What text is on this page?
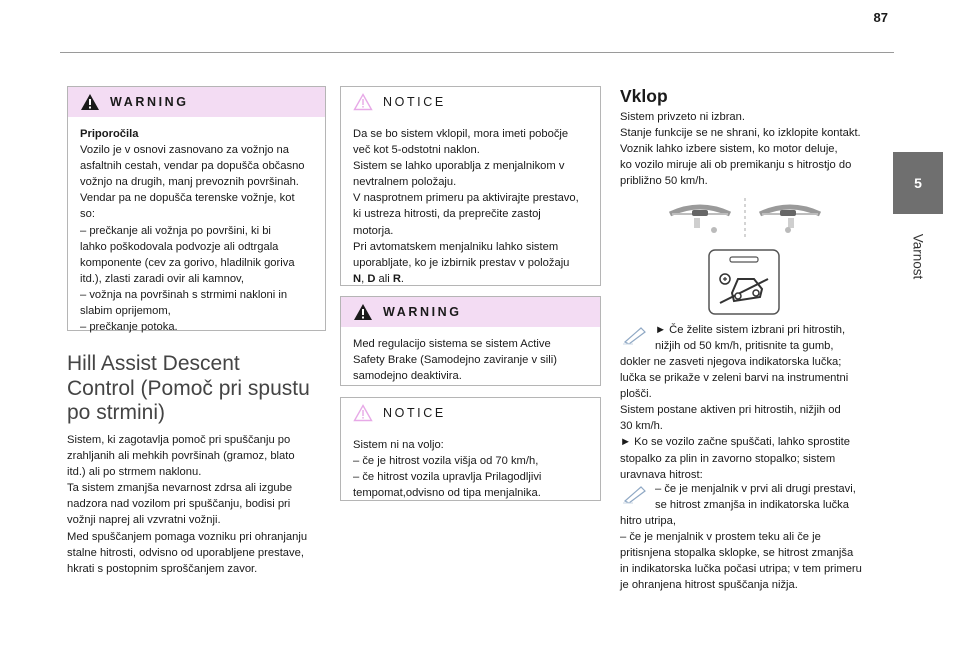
87
5
Varnost
WARNING

Priporočila

Vozilo je v osnovi zasnovano za vožnjo na

asfaltnih cestah, vendar pa dopušča občasno

vožnjo na drugih, manj prevoznih površinah.

Vendar pa ne dopušča terenske vožnje, kot

so:

– prečkanje ali vožnja po površini, ki bi

lahko poškodovala podvozje ali odtrgala

komponente (cev za gorivo, hladilnik goriva

itd.), zlasti zaradi ovir ali kamnov,

– vožnja na površinah s strmimi nakloni in

slabim oprijemom,

– prečkanje potoka.

Hill Assist Descent
Control (Pomoč pri spustu
po strmini)

Sistem, ki zagotavlja pomoč pri spuščanju po

zrahljanih ali mehkih površinah (gramoz, blato

itd.) ali po strmem naklonu.

Ta sistem zmanjša nevarnost zdrsa ali izgube

nadzora nad vozilom pri spuščanju, bodisi pri

vožnji naprej ali vzvratni vožnji.

Med spuščanjem pomaga vozniku pri ohranjanju

stalne hitrosti, odvisno od uporabljene prestave,

hkrati s postopnim sproščanjem zavor.

NOTICE

Da se bo sistem vklopil, mora imeti pobočje

več kot 5-odstotni naklon.

Sistem se lahko uporablja z menjalnikom v

nevtralnem položaju.

V nasprotnem primeru pa aktivirajte prestavo,

ki ustreza hitrosti, da preprečite zastoj

motorja.

Pri avtomatskem menjalniku lahko sistem

uporabljate, ko je izbirnik prestav v položaju

N, D ali R.

WARNING

Med regulacijo sistema se sistem Active

Safety Brake (Samodejno zaviranje v sili)

samodejno deaktivira.

NOTICE

Sistem ni na voljo:

– če je hitrost vozila višja od 70 km/h,

– če hitrost vozila upravlja Prilagodljivi

tempomat,odvisno od tipa menjalnika.

Vklop

Sistem privzeto ni izbran.

Stanje funkcije se ne shrani, ko izklopite kontakt.

Voznik lahko izbere sistem, ko motor deluje,

ko vozilo miruje ali ob premikanju s hitrostjo do

približno 50 km/h.

► Če želite sistem izbrani pri hitrostih,

nižjih od 50 km/h, pritisnite ta gumb,

dokler ne zasveti njegova indikatorska lučka;

lučka se prikaže v zeleni barvi na instrumentni

plošči.

Sistem postane aktiven pri hitrostih, nižjih od

30 km/h.

► Ko se vozilo začne spuščati, lahko sprostite

stopalko za plin in zavorno stopalko; sistem

uravnava hitrost:

– če je menjalnik v prvi ali drugi prestavi,

se hitrost zmanjša in indikatorska lučka

hitro utripa,

– če je menjalnik v prostem teku ali če je

pritisnjena stopalka sklopke, se hitrost zmanjša

in indikatorska lučka počasi utripa; v tem primeru

je ohranjena hitrost spuščanja nižja.
